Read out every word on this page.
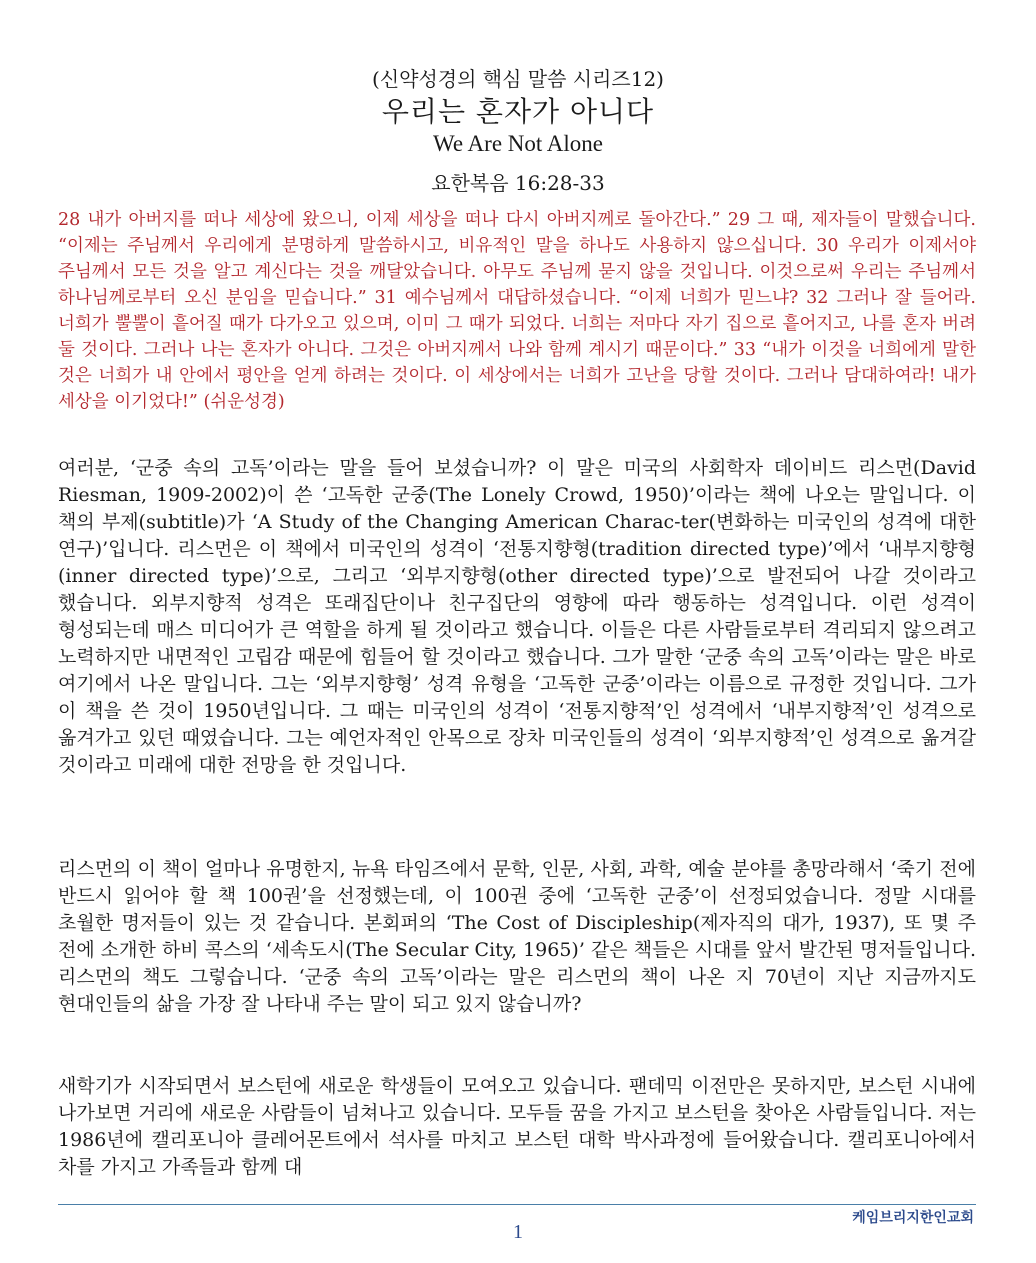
(신약성경의 핵심 말씀 시리즈12)
우리는 혼자가 아니다
We Are Not Alone
요한복음 16:28-33
28 내가 아버지를 떠나 세상에 왔으니, 이제 세상을 떠나 다시 아버지께로 돌아간다.” 29 그 때, 제자들이 말했습니다. “이제는 주님께서 우리에게 분명하게 말씀하시고, 비유적인 말을 하나도 사용하지 않으십니다. 30 우리가 이제서야 주님께서 모든 것을 알고 계신다는 것을 깨달았습니다. 아무도 주님께 묻지 않을 것입니다. 이것으로써 우리는 주님께서 하나님께로부터 오신 분임을 믿습니다.” 31 예수님께서 대답하셨습니다. “이제 너희가 믿느냐? 32 그러나 잘 들어라. 너희가 뿔뿔이 흩어질 때가 다가오고 있으며, 이미 그 때가 되었다. 너희는 저마다 자기 집으로 흩어지고, 나를 혼자 버려 둘 것이다. 그러나 나는 혼자가 아니다. 그것은 아버지께서 나와 함께 계시기 때문이다.” 33 “내가 이것을 너희에게 말한 것은 너희가 내 안에서 평안을 얻게 하려는 것이다. 이 세상에서는 너희가 고난을 당할 것이다. 그러나 담대하여라! 내가 세상을 이기었다!” (쉬운성경)
여러분, ‘군중 속의 고독’이라는 말을 들어 보셨습니까? 이 말은 미국의 사회학자 데이비드 리스먼(David Riesman, 1909-2002)이 쓴 ‘고독한 군중(The Lonely Crowd, 1950)’이라는 책에 나오는 말입니다. 이 책의 부제(subtitle)가 ‘A Study of the Changing American Charac-ter(변화하는 미국인의 성격에 대한 연구)’입니다. 리스먼은 이 책에서 미국인의 성격이 ‘전통지향형(tradition directed type)’에서 ‘내부지향형(inner directed type)’으로, 그리고 ‘외부지향형(other directed type)’으로 발전되어 나갈 것이라고 했습니다. 외부지향적 성격은 또래집단이나 친구집단의 영향에 따라 행동하는 성격입니다. 이런 성격이 형성되는데 매스 미디어가 큰 역할을 하게 될 것이라고 했습니다. 이들은 다른 사람들로부터 격리되지 않으려고 노력하지만 내면적인 고립감 때문에 힘들어 할 것이라고 했습니다. 그가 말한 ‘군중 속의 고독’이라는 말은 바로 여기에서 나온 말입니다. 그는 ‘외부지향형’ 성격 유형을 ‘고독한 군중’이라는 이름으로 규정한 것입니다. 그가 이 책을 쓴 것이 1950년입니다. 그 때는 미국인의 성격이 ‘전통지향적’인 성격에서 ‘내부지향적’인 성격으로 옮겨가고 있던 때였습니다. 그는 예언자적인 안목으로 장차 미국인들의 성격이 ‘외부지향적’인 성격으로 옮겨갈 것이라고 미래에 대한 전망을 한 것입니다.
리스먼의 이 책이 얼마나 유명한지, 뉴욕 타임즈에서 문학, 인문, 사회, 과학, 예술 분야를 총망라해서 ‘죽기 전에 반드시 읽어야 할 책 100권’을 선정했는데, 이 100권 중에 ‘고독한 군중’이 선정되었습니다. 정말 시대를 초월한 명저들이 있는 것 같습니다. 본회퍼의 ‘The Cost of Discipleship(제자직의 대가, 1937), 또 몇 주 전에 소개한 하비 콕스의 ‘세속도시(The Secular City, 1965)’ 같은 책들은 시대를 앞서 발간된 명저들입니다. 리스먼의 책도 그렇습니다. ‘군중 속의 고독’이라는 말은 리스먼의 책이 나온 지 70년이 지난 지금까지도 현대인들의 삶을 가장 잘 나타내 주는 말이 되고 있지 않습니까?
새학기가 시작되면서 보스턴에 새로운 학생들이 모여오고 있습니다. 팬데믹 이전만은 못하지만, 보스턴 시내에 나가보면 거리에 새로운 사람들이 넘쳐나고 있습니다. 모두들 꿈을 가지고 보스턴을 찾아온 사람들입니다. 저는 1986년에 캘리포니아 클레어몬트에서 석사를 마치고 보스턴 대학 박사과정에 들어왔습니다. 캘리포니아에서 차를 가지고 가족들과 함께 대
케임브리지한인교회
1
